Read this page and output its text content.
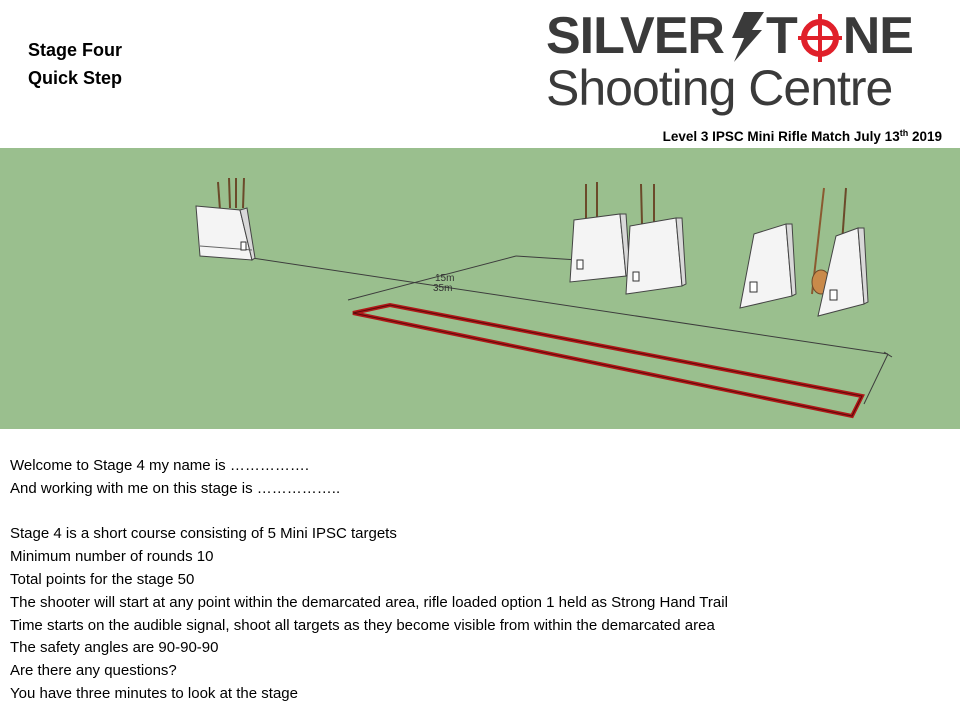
Stage Four
Quick Step
SILVER T NE
Shooting Centre
Level 3 IPSC Mini Rifle Match July 13th 2019
15m
35m
Welcome to Stage 4 my name is …………….
And working with me on this stage is ……………..
Stage 4 is a short course consisting of 5 Mini IPSC targets
Minimum number of rounds 10
Total points for the stage 50
The shooter will start at any point within the demarcated area, rifle loaded option 1 held as Strong Hand Trail
Time starts on the audible signal, shoot all targets as they become visible from within the demarcated area
The safety angles are 90-90-90
Are there any questions?
You have three minutes to look at the stage
